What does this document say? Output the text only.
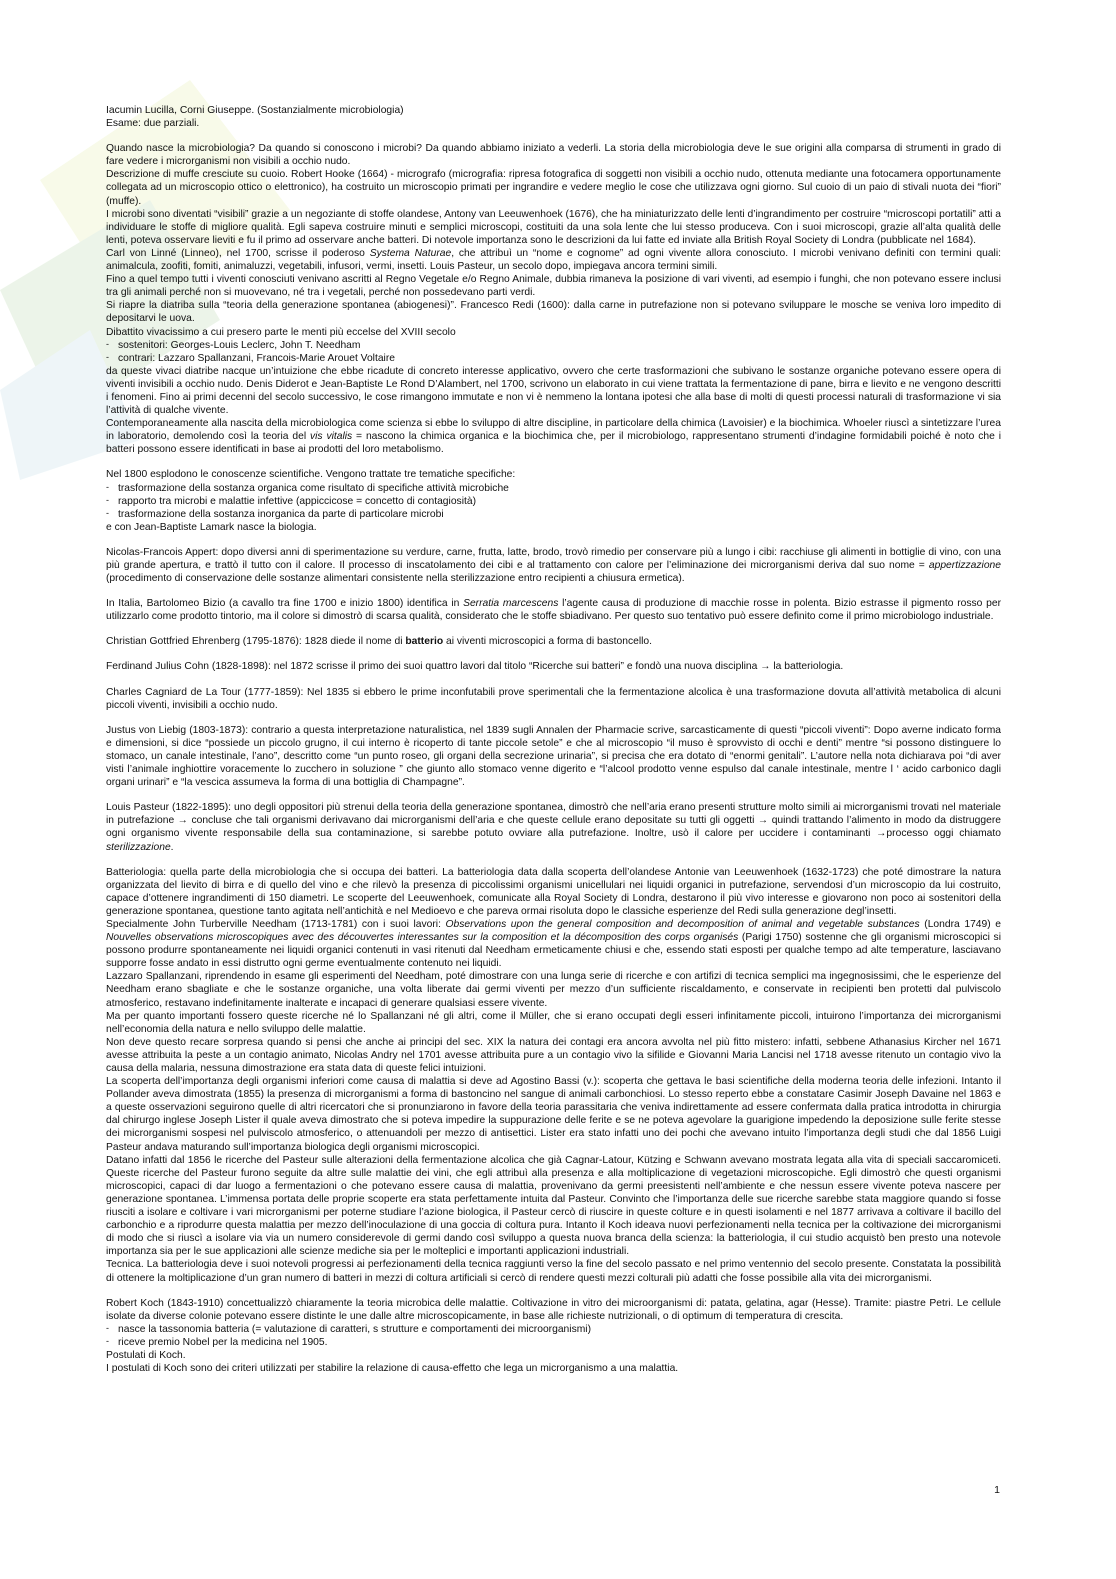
Iacumin Lucilla, Corni Giuseppe. (Sostanzialmente microbiologia)

Esame: due parziali.

Quando nasce la microbiologia? Da quando si conoscono i microbi? Da quando abbiamo iniziato a vederli. La storia della microbiologia deve le sue origini alla comparsa di strumenti in grado di fare vedere i microrganismi non visibili a occhio nudo.

Descrizione di muffe cresciute su cuoio. Robert Hooke (1664) - micrografo (micrografia: ripresa fotografica di soggetti non visibili a occhio nudo, ottenuta mediante una fotocamera opportunamente collegata ad un microscopio ottico o elettronico), ha costruito un microscopio primati per ingrandire e vedere meglio le cose che utilizzava ogni giorno. Sul cuoio di un paio di stivali nuota dei “fiori” (muffe).

I microbi sono diventati “visibili” grazie a un negoziante di stoffe olandese, Antony van Leeuwenhoek (1676), che ha miniaturizzato delle lenti d’ingrandimento per costruire “microscopi portatili” atti a individuare le stoffe di migliore qualità. Egli sapeva costruire minuti e semplici microscopi, costituiti da una sola lente che lui stesso produceva. Con i suoi microscopi, grazie all’alta qualità delle lenti, poteva osservare lieviti e fu il primo ad osservare anche batteri. Di notevole importanza sono le descrizioni da lui fatte ed inviate alla British Royal Society di Londra (pubblicate nel 1684).

Carl von Linné (Linneo), nel 1700, scrisse il poderoso Systema Naturae, che attribuì un “nome e cognome” ad ogni vivente allora conosciuto. I microbi venivano definiti con termini quali: animalcula, zoofiti, fomiti, animaluzzi, vegetabili, infusori, vermi, insetti. Louis Pasteur, un secolo dopo, impiegava ancora termini simili.

Fino a quel tempo tutti i viventi conosciuti venivano ascritti al Regno Vegetale e/o Regno Animale, dubbia rimaneva la posizione di vari viventi, ad esempio i funghi, che non potevano essere inclusi tra gli animali perché non si muovevano, né tra i vegetali, perché non possedevano parti verdi.

Si riapre la diatriba sulla “teoria della generazione spontanea (abiogenesi)”. Francesco Redi (1600): dalla carne in putrefazione non si potevano sviluppare le mosche se veniva loro impedito di depositarvi le uova.

Dibattito vivacissimo a cui presero parte le menti più eccelse del XVIII secolo

- sostenitori: Georges-Louis Leclerc, John T. Needham
- contrari: Lazzaro Spallanzani, Francois-Marie Arouet Voltaire

da queste vivaci diatribe nacque un’intuizione che ebbe ricadute di concreto interesse applicativo, ovvero che certe trasformazioni che subivano le sostanze organiche potevano essere opera di viventi invisibili a occhio nudo. Denis Diderot e Jean-Baptiste Le Rond D’Alambert, nel 1700, scrivono un elaborato in cui viene trattata la fermentazione di pane, birra e lievito e ne vengono descritti i fenomeni. Fino ai primi decenni del secolo successivo, le cose rimangono immutate e non vi è nemmeno la lontana ipotesi che alla base di molti di questi processi naturali di trasformazione vi sia l’attività di qualche vivente.

Contemporaneamente alla nascita della microbiologica come scienza si ebbe lo sviluppo di altre discipline, in particolare della chimica (Lavoisier) e la biochimica. Whoeler riuscì a sintetizzare l’urea in laboratorio, demolendo così la teoria del vis vitalis = nascono la chimica organica e la biochimica che, per il microbiologo, rappresentano strumenti d’indagine formidabili poiché è noto che i batteri possono essere identificati in base ai prodotti del loro metabolismo.

Nel 1800 esplodono le conoscenze scientifiche. Vengono trattate tre tematiche specifiche:

- trasformazione della sostanza organica come risultato di specifiche attività microbiche
- rapporto tra microbi e malattie infettive (appiccicose = concetto di contagiosità)
- trasformazione della sostanza inorganica da parte di particolare microbi

e con Jean-Baptiste Lamark nasce la biologia.

Nicolas-Francois Appert: dopo diversi anni di sperimentazione su verdure, carne, frutta, latte, brodo, trovò rimedio per conservare più a lungo i cibi: racchiuse gli alimenti in bottiglie di vino, con una più grande apertura, e trattò il tutto con il calore. Il processo di inscatolamento dei cibi e al trattamento con calore per l’eliminazione dei microrganismi deriva dal suo nome = appertizzazione (procedimento di conservazione delle sostanze alimentari consistente nella sterilizzazione entro recipienti a chiusura ermetica).

In Italia, Bartolomeo Bizio (a cavallo tra fine 1700 e inizio 1800) identifica in Serratia marcescens l’agente causa di produzione di macchie rosse in polenta. Bizio estrasse il pigmento rosso per utilizzarlo come prodotto tintorio, ma il colore si dimostrò di scarsa qualità, considerato che le stoffe sbiadivano. Per questo suo tentativo può essere definito come il primo microbiologo industriale.

Christian Gottfried Ehrenberg (1795-1876): 1828 diede il nome di batterio ai viventi microscopici a forma di bastoncello.

Ferdinand Julius Cohn (1828-1898): nel 1872 scrisse il primo dei suoi quattro lavori dal titolo “Ricerche sui batteri” e fondò una nuova disciplina → la batteriologia.

Charles Cagniard de La Tour (1777-1859): Nel 1835 si ebbero le prime inconfutabili prove sperimentali che la fermentazione alcolica è una trasformazione dovuta all’attività metabolica di alcuni piccoli viventi, invisibili a occhio nudo.

Justus von Liebig (1803-1873): contrario a questa interpretazione naturalistica, nel 1839 sugli Annalen der Pharmacie scrive, sarcasticamente di questi “piccoli viventi”: Dopo averne indicato forma e dimensioni, si dice “possiede un piccolo grugno, il cui interno è ricoperto di tante piccole setole” e che al microscopio “il muso è sprovvisto di occhi e denti” mentre “si possono distinguere lo stomaco, un canale intestinale, l’ano”, descritto come “un punto roseo, gli organi della secrezione urinaria”, si precisa che era dotato di “enormi genitali”. L’autore nella nota dichiarava poi “di aver visti l’animale inghiottire voracemente lo zucchero in soluzione ” che giunto allo stomaco venne digerito e “l’alcool prodotto venne espulso dal canale intestinale, mentre l ‘ acido carbonico dagli organi urinari” e “la vescica assumeva la forma di una bottiglia di Champagne”.

Louis Pasteur (1822-1895): uno degli oppositori più strenui della teoria della generazione spontanea, dimostrò che nell’aria erano presenti strutture molto simili ai microrganismi trovati nel materiale in putrefazione → concluse che tali organismi derivavano dai microrganismi dell’aria e che queste cellule erano depositate su tutti gli oggetti → quindi trattando l’alimento in modo da distruggere ogni organismo vivente responsabile della sua contaminazione, si sarebbe potuto ovviare alla putrefazione. Inoltre, usò il calore per uccidere i contaminanti →processo oggi chiamato sterilizzazione.

Batteriologia: quella parte della microbiologia che si occupa dei batteri. La batteriologia data dalla scoperta dell’olandese Antonie van Leeuwenhoek (1632-1723) che poté dimostrare la natura organizzata del lievito di birra e di quello del vino e che rilevò la presenza di piccolissimi organismi unicellulari nei liquidi organici in putrefazione, servendosi d’un microscopio da lui costruito, capace d’ottenere ingrandimenti di 150 diametri. Le scoperte del Leeuwenhoek, comunicate alla Royal Society di Londra, destarono il più vivo interesse e giovarono non poco ai sostenitori della generazione spontanea, questione tanto agitata nell’antichità e nel Medioevo e che pareva ormai risoluta dopo le classiche esperienze del Redi sulla generazione degl’insetti.

Specialmente John Turberville Needham (1713-1781) con i suoi lavori: Observations upon the general composition and decomposition of animal and vegetable substances (Londra 1749) e Nouvelles observations microscopiques avec des découvertes interessantes sur la composition et la décomposition des corps organisés (Parigi 1750) sostenne che gli organismi microscopici si possono produrre spontaneamente nei liquidi organici contenuti in vasi ritenuti dal Needham ermeticamente chiusi e che, essendo stati esposti per qualche tempo ad alte temperature, lasciavano supporre fosse andato in essi distrutto ogni germe eventualmente contenuto nei liquidi.

Lazzaro Spallanzani, riprendendo in esame gli esperimenti del Needham, poté dimostrare con una lunga serie di ricerche e con artifizi di tecnica semplici ma ingegnosissimi, che le esperienze del Needham erano sbagliate e che le sostanze organiche, una volta liberate dai germi viventi per mezzo d’un sufficiente riscaldamento, e conservate in recipienti ben protetti dal pulviscolo atmosferico, restavano indefinitamente inalterate e incapaci di generare qualsiasi essere vivente.

Ma per quanto importanti fossero queste ricerche né lo Spallanzani né gli altri, come il Müller, che si erano occupati degli esseri infinitamente piccoli, intuirono l’importanza dei microrganismi nell’economia della natura e nello sviluppo delle malattie.

Non deve questo recare sorpresa quando si pensi che anche ai principi del sec. XIX la natura dei contagi era ancora avvolta nel più fitto mistero: infatti, sebbene Athanasius Kircher nel 1671 avesse attribuita la peste a un contagio animato, Nicolas Andry nel 1701 avesse attribuita pure a un contagio vivo la sifilide e Giovanni Maria Lancisi nel 1718 avesse ritenuto un contagio vivo la causa della malaria, nessuna dimostrazione era stata data di queste felici intuizioni.

La scoperta dell’importanza degli organismi inferiori come causa di malattia si deve ad Agostino Bassi (v.): scoperta che gettava le basi scientifiche della moderna teoria delle infezioni. Intanto il Pollander aveva dimostrata (1855) la presenza di microrganismi a forma di bastoncino nel sangue di animali carbonchiosi. Lo stesso reperto ebbe a constatare Casimir Joseph Davaine nel 1863 e a queste osservazioni seguirono quelle di altri ricercatori che si pronunziarono in favore della teoria parassitaria che veniva indirettamente ad essere confermata dalla pratica introdotta in chirurgia dal chirurgo inglese Joseph Lister il quale aveva dimostrato che si poteva impedire la suppurazione delle ferite e se ne poteva agevolare la guarigione impedendo la deposizione sulle ferite stesse dei microrganismi sospesi nel pulviscolo atmosferico, o attenuandoli per mezzo di antisettici. Lister era stato infatti uno dei pochi che avevano intuito l’importanza degli studi che dal 1856 Luigi Pasteur andava maturando sull’importanza biologica degli organismi microscopici.

Datano infatti dal 1856 le ricerche del Pasteur sulle alterazioni della fermentazione alcolica che già Cagnar-Latour, Kützing e Schwann avevano mostrata legata alla vita di speciali saccaromiceti. Queste ricerche del Pasteur furono seguite da altre sulle malattie dei vini, che egli attribuì alla presenza e alla moltiplicazione di vegetazioni microscopiche. Egli dimostrò che questi organismi microscopici, capaci di dar luogo a fermentazioni o che potevano essere causa di malattia, provenivano da germi preesistenti nell’ambiente e che nessun essere vivente poteva nascere per generazione spontanea. L’immensa portata delle proprie scoperte era stata perfettamente intuita dal Pasteur. Convinto che l’importanza delle sue ricerche sarebbe stata maggiore quando si fosse riusciti a isolare e coltivare i vari microrganismi per poterne studiare l’azione biologica, il Pasteur cercò di riuscire in queste colture e in questi isolamenti e nel 1877 arrivava a coltivare il bacillo del carbonchio e a riprodurre questa malattia per mezzo dell’inoculazione di una goccia di coltura pura. Intanto il Koch ideava nuovi perfezionamenti nella tecnica per la coltivazione dei microrganismi di modo che si riuscì a isolare via via un numero considerevole di germi dando così sviluppo a questa nuova branca della scienza: la batteriologia, il cui studio acquistò ben presto una notevole importanza sia per le sue applicazioni alle scienze mediche sia per le molteplici e importanti applicazioni industriali.

Tecnica. La batteriologia deve i suoi notevoli progressi ai perfezionamenti della tecnica raggiunti verso la fine del secolo passato e nel primo ventennio del secolo presente. Constatata la possibilità di ottenere la moltiplicazione d’un gran numero di batteri in mezzi di coltura artificiali si cercò di rendere questi mezzi colturali più adatti che fosse possibile alla vita dei microrganismi.

Robert Koch (1843-1910) concettualizzò chiaramente la teoria microbica delle malattie. Coltivazione in vitro dei microorganismi di: patata, gelatina, agar (Hesse). Tramite: piastre Petri. Le cellule isolate da diverse colonie potevano essere distinte le une dalle altre microscopicamente, in base alle richieste nutrizionali, o di optimum di temperatura di crescita.

- nasce la tassonomia batteria (= valutazione di caratteri, s strutture e comportamenti dei microorganismi)
- riceve premio Nobel per la medicina nel 1905.

Postulati di Koch.

I postulati di Koch sono dei criteri utilizzati per stabilire la relazione di causa-effetto che lega un microrganismo a una malattia.

1
